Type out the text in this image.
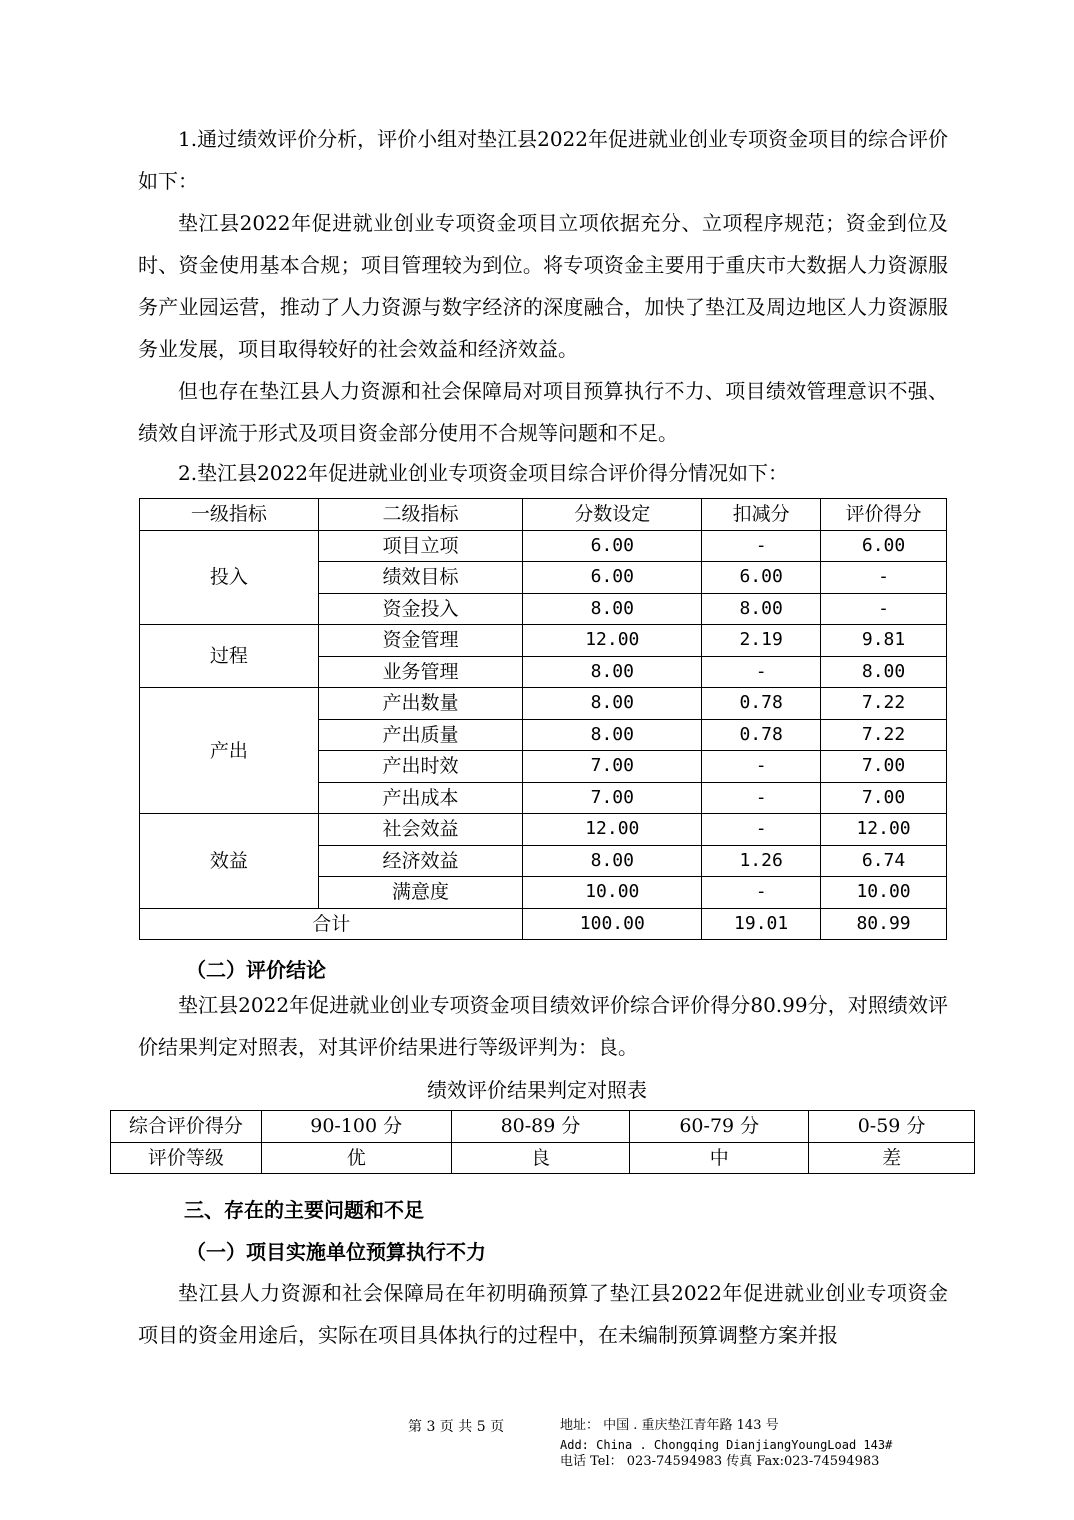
1.通过绩效评价分析，评价小组对垫江县2022年促进就业创业专项资金项目的综合评价如下：

垫江县2022年促进就业创业专项资金项目立项依据充分、立项程序规范；资金到位及时、资金使用基本合规；项目管理较为到位。将专项资金主要用于重庆市大数据人力资源服务产业园运营，推动了人力资源与数字经济的深度融合，加快了垫江及周边地区人力资源服务业发展，项目取得较好的社会效益和经济效益。

但也存在垫江县人力资源和社会保障局对项目预算执行不力、项目绩效管理意识不强、绩效自评流于形式及项目资金部分使用不合规等问题和不足。

2.垫江县2022年促进就业创业专项资金项目综合评价得分情况如下：

一级指标	二级指标	分数设定	扣减分	评价得分
投入	项目立项	6.00	-	6.00
	绩效目标	6.00	6.00	-
	资金投入	8.00	8.00	-
过程	资金管理	12.00	2.19	9.81
	业务管理	8.00	-	8.00
产出	产出数量	8.00	0.78	7.22
	产出质量	8.00	0.78	7.22
	产出时效	7.00	-	7.00
	产出成本	7.00	-	7.00
效益	社会效益	12.00	-	12.00
	经济效益	8.00	1.26	6.74
	满意度	10.00	-	10.00
合计		100.00	19.01	80.99
（二）评价结论

垫江县2022年促进就业创业专项资金项目绩效评价综合评价得分80.99分，对照绩效评价结果判定对照表，对其评价结果进行等级评判为：良。

绩效评价结果判定对照表
综合评价得分	90-100 分	80-89 分	60-79 分	0-59 分
评价等级	优	良	中	差
三、存在的主要问题和不足
（一）项目实施单位预算执行不力

垫江县人力资源和社会保障局在年初明确预算了垫江县2022年促进就业创业专项资金项目的资金用途后，实际在项目具体执行的过程中，在未编制预算调整方案并报

第 3 页 共 5 页	地址： 中国 . 重庆垫江青年路 143 号
Add: China . Chongqing DianjiangYoungLoad 143#
电话 Tel： 023-74594983 传真 Fax:023-74594983
